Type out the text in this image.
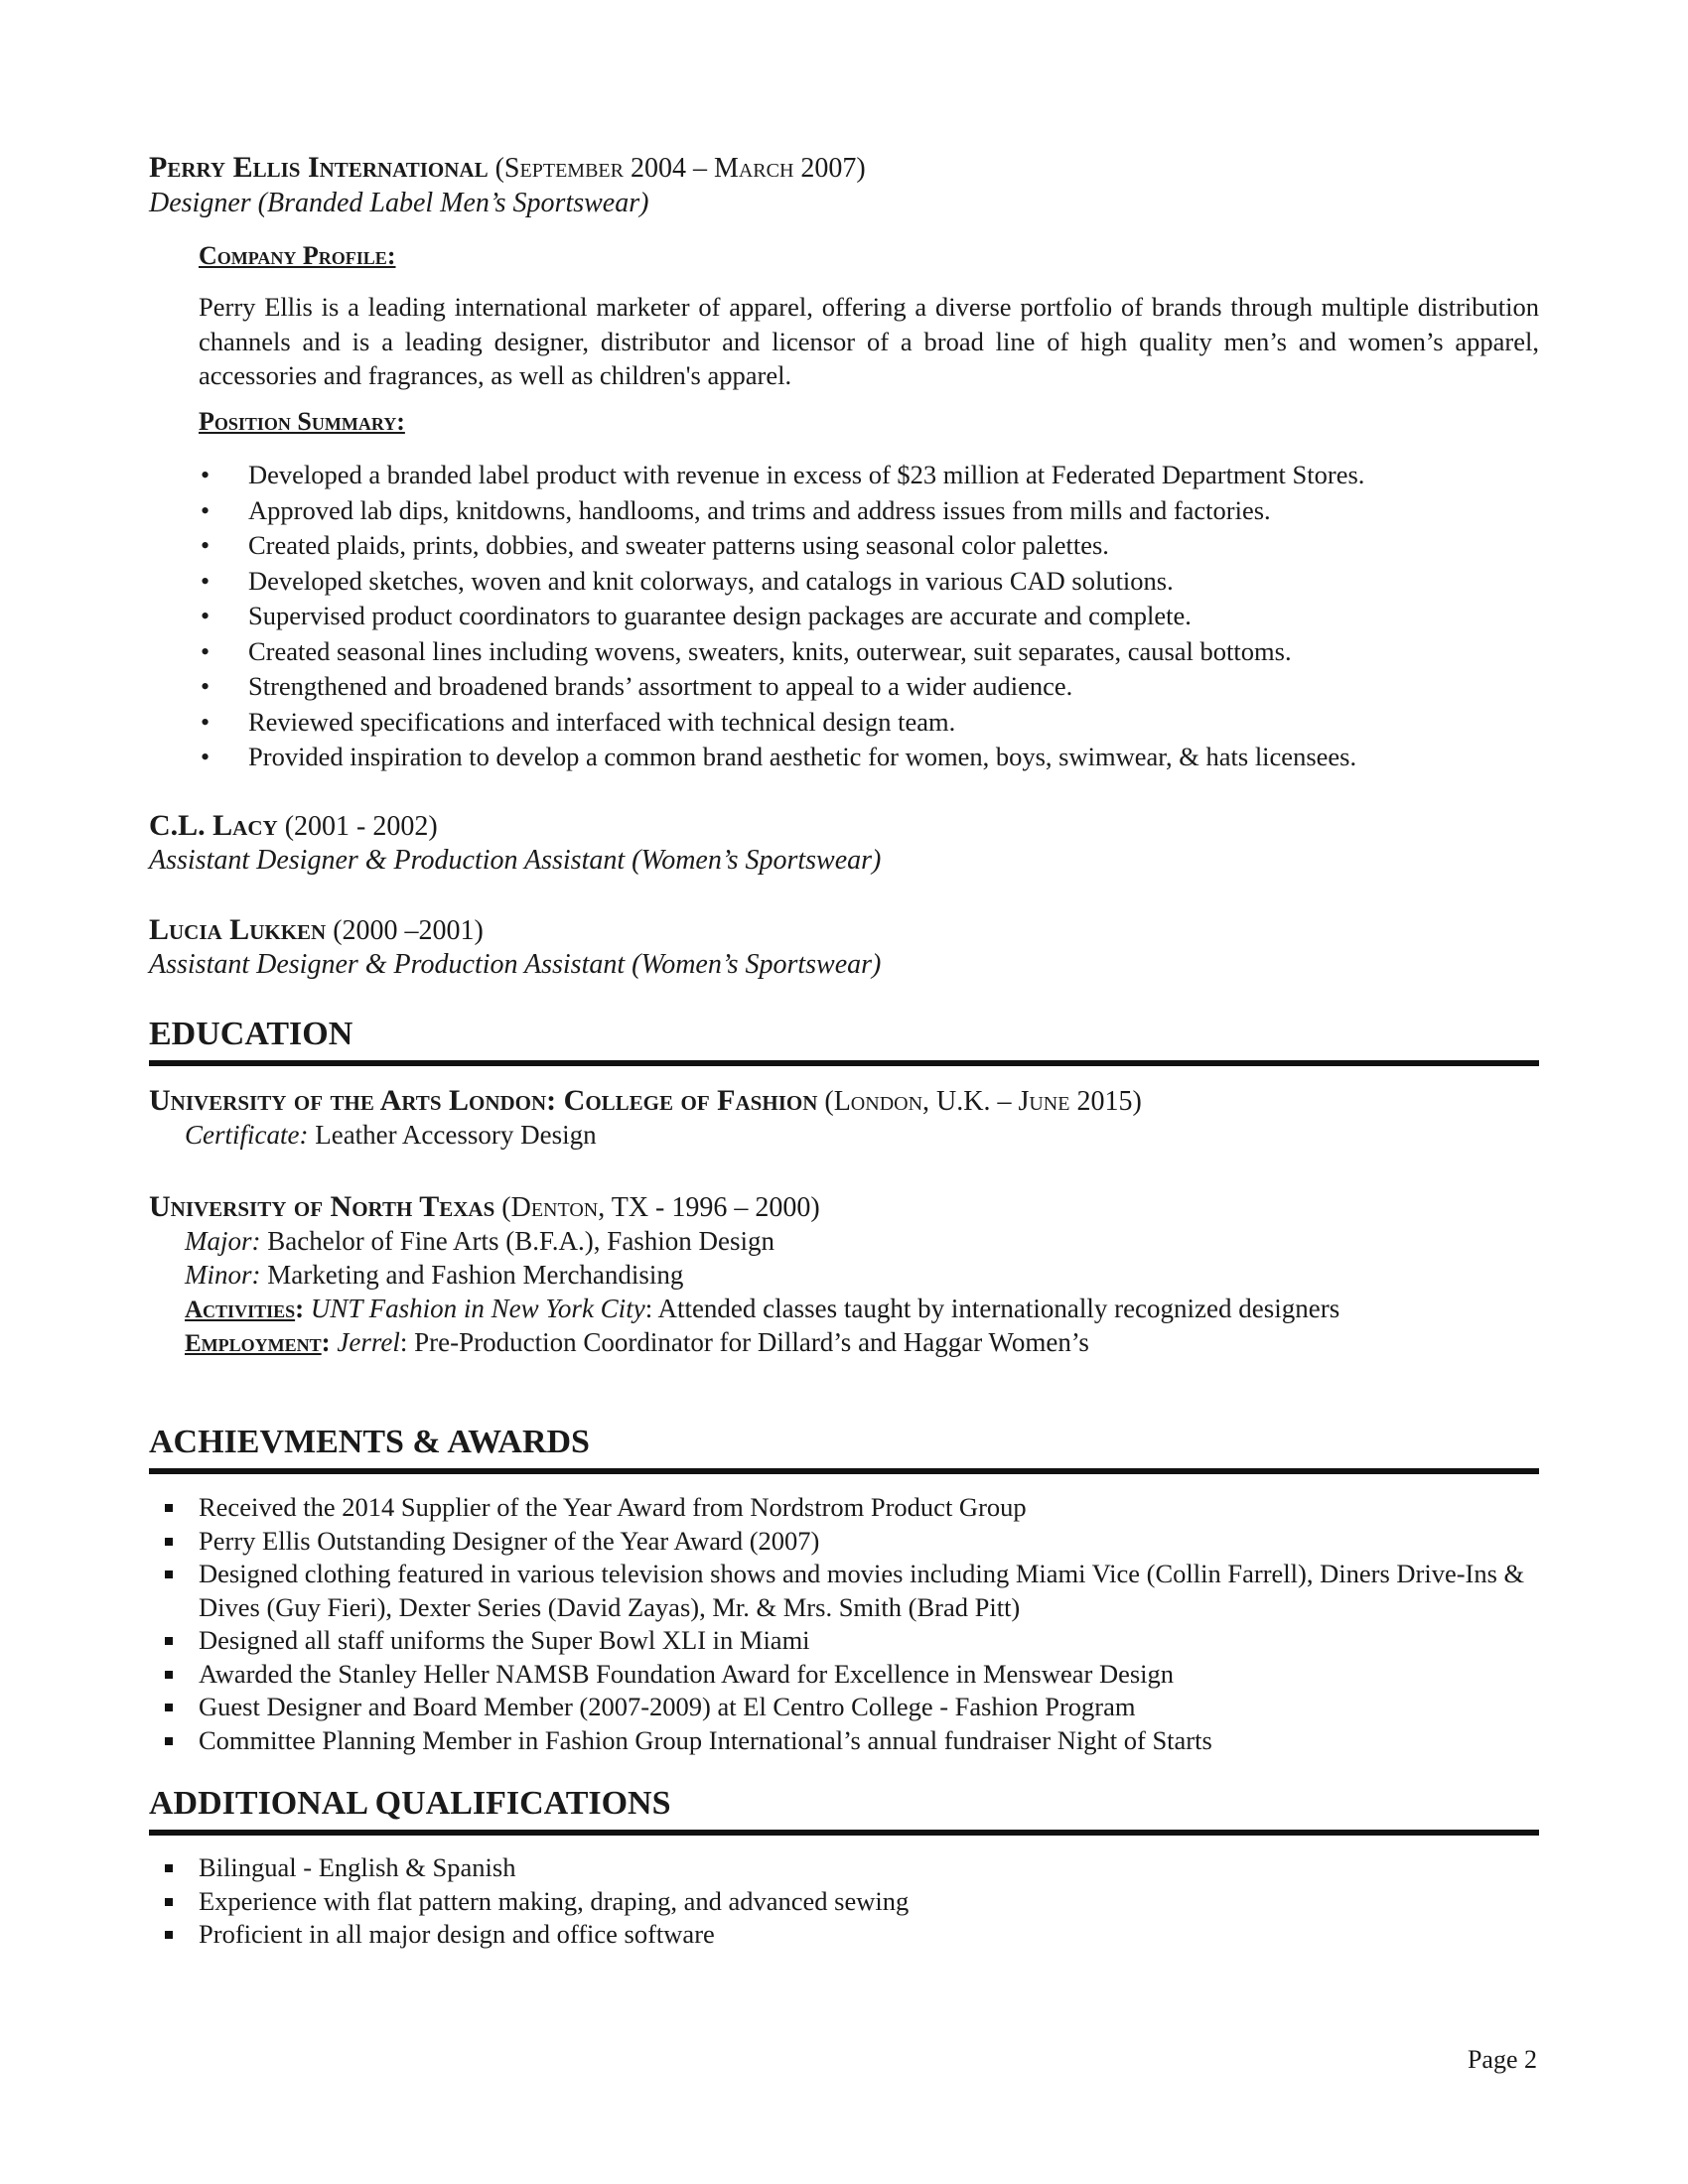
Perry Ellis International (September 2004 – March 2007)
Designer (Branded Label Men’s Sportswear)
Company Profile:
Perry Ellis is a leading international marketer of apparel, offering a diverse portfolio of brands through multiple distribution channels and is a leading designer, distributor and licensor of a broad line of high quality men’s and women’s apparel, accessories and fragrances, as well as children's apparel.
Position Summary:
• Developed a branded label product with revenue in excess of $23 million at Federated Department Stores.
• Approved lab dips, knitdowns, handlooms, and trims and address issues from mills and factories.
• Created plaids, prints, dobbies, and sweater patterns using seasonal color palettes.
• Developed sketches, woven and knit colorways, and catalogs in various CAD solutions.
• Supervised product coordinators to guarantee design packages are accurate and complete.
• Created seasonal lines including wovens, sweaters, knits, outerwear, suit separates, causal bottoms.
• Strengthened and broadened brands’ assortment to appeal to a wider audience.
• Reviewed specifications and interfaced with technical design team.
• Provided inspiration to develop a common brand aesthetic for women, boys, swimwear, & hats licensees.
C.L. Lacy (2001 - 2002)
Assistant Designer & Production Assistant (Women’s Sportswear)
Lucia Lukken (2000 –2001)
Assistant Designer & Production Assistant (Women’s Sportswear)
EDUCATION
University of the Arts London: College of Fashion (London, U.K. – June 2015)
Certificate: Leather Accessory Design
University of North Texas (Denton, TX - 1996 – 2000)
Major: Bachelor of Fine Arts (B.F.A.), Fashion Design
Minor: Marketing and Fashion Merchandising
Activities: UNT Fashion in New York City: Attended classes taught by internationally recognized designers
Employment: Jerrel: Pre-Production Coordinator for Dillard’s and Haggar Women’s
ACHIEVMENTS & AWARDS
Received the 2014 Supplier of the Year Award from Nordstrom Product Group
Perry Ellis Outstanding Designer of the Year Award (2007)
Designed clothing featured in various television shows and movies including Miami Vice (Collin Farrell), Diners Drive-Ins & Dives (Guy Fieri), Dexter Series (David Zayas), Mr. & Mrs. Smith (Brad Pitt)
Designed all staff uniforms the Super Bowl XLI in Miami
Awarded the Stanley Heller NAMSB Foundation Award for Excellence in Menswear Design
Guest Designer and Board Member (2007-2009) at El Centro College - Fashion Program
Committee Planning Member in Fashion Group International’s annual fundraiser Night of Starts
ADDITIONAL QUALIFICATIONS
Bilingual - English & Spanish
Experience with flat pattern making, draping, and advanced sewing
Proficient in all major design and office software
Page 2
